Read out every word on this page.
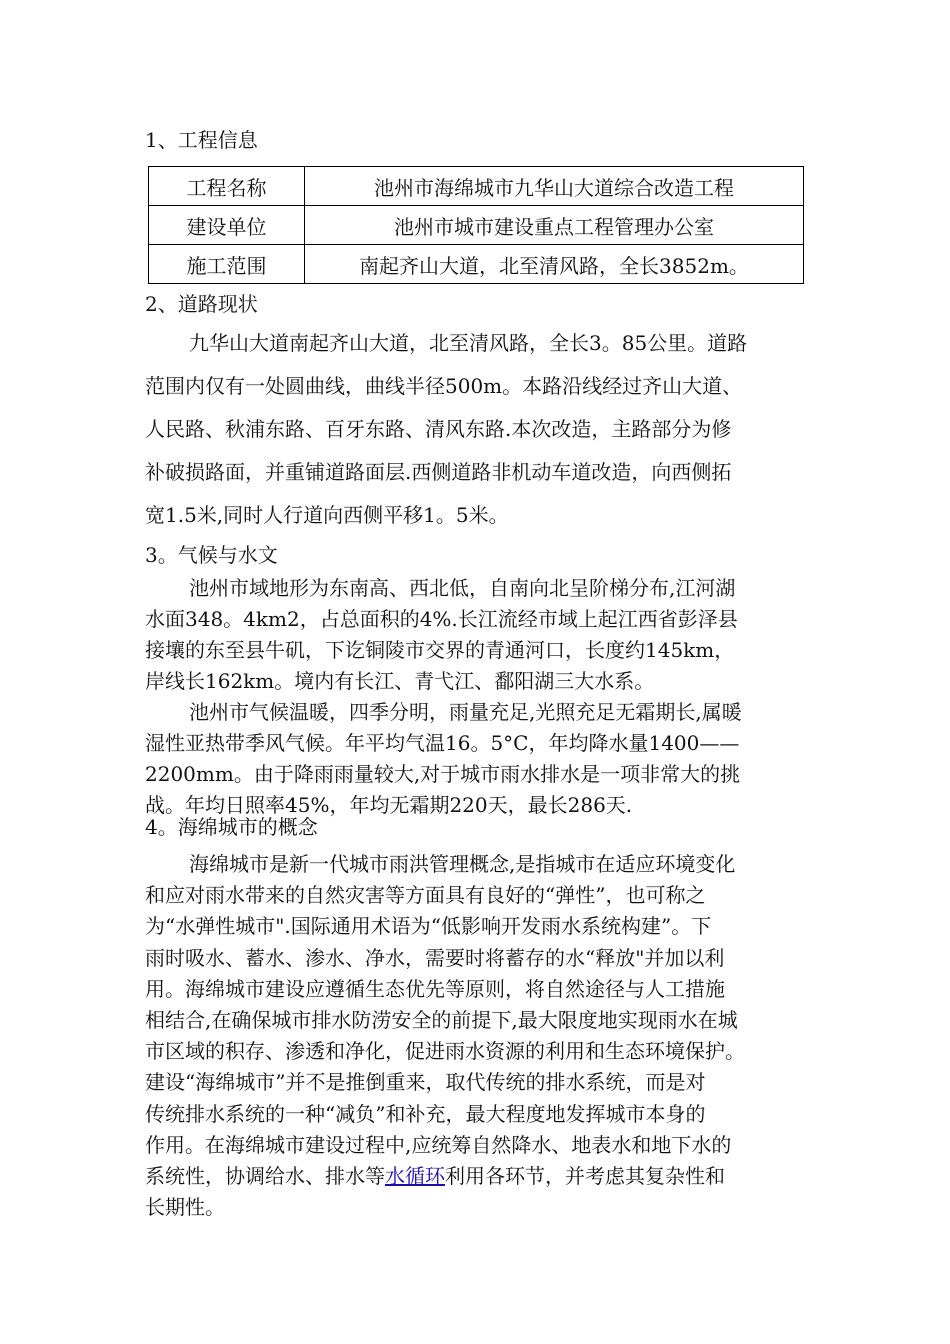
1、工程信息
工程名称	池州市海绵城市九华山大道综合改造工程
建设单位	池州市城市建设重点工程管理办公室
施工范围	南起齐山大道，北至清风路，全长3852m。
2、道路现状
九华山大道南起齐山大道，北至清风路，全长3。85公里。道路
范围内仅有一处圆曲线，曲线半径500m。本路沿线经过齐山大道、
人民路、秋浦东路、百牙东路、清风东路.本次改造，主路部分为修
补破损路面，并重铺道路面层.西侧道路非机动车道改造，向西侧拓
宽1.5米,同时人行道向西侧平移1。5米。
3。气候与水文
池州市域地形为东南高、西北低，自南向北呈阶梯分布,江河湖
水面348。4km2，占总面积的4%.长江流经市域上起江西省彭泽县
接壤的东至县牛矶，下讫铜陵市交界的青通河口，长度约145km，
岸线长162km。境内有长江、青弋江、鄱阳湖三大水系。
池州市气候温暖，四季分明，雨量充足,光照充足无霜期长,属暖
湿性亚热带季风气候。年平均气温16。5°C，年均降水量1400——
2200mm。由于降雨雨量较大,对于城市雨水排水是一项非常大的挑
战。年均日照率45%，年均无霜期220天，最长286天.
4。海绵城市的概念
海绵城市是新一代城市雨洪管理概念,是指城市在适应环境变化
和应对雨水带来的自然灾害等方面具有良好的“弹性”，也可称之
为“水弹性城市".国际通用术语为“低影响开发雨水系统构建”。下
雨时吸水、蓄水、渗水、净水，需要时将蓄存的水“释放"并加以利
用。海绵城市建设应遵循生态优先等原则，将自然途径与人工措施
相结合,在确保城市排水防涝安全的前提下,最大限度地实现雨水在城
市区域的积存、渗透和净化，促进雨水资源的利用和生态环境保护。
建设“海绵城市”并不是推倒重来，取代传统的排水系统，而是对
传统排水系统的一种“减负”和补充，最大程度地发挥城市本身的
作用。在海绵城市建设过程中,应统筹自然降水、地表水和地下水的
系统性，协调给水、排水等水循环利用各环节，并考虑其复杂性和
长期性。
